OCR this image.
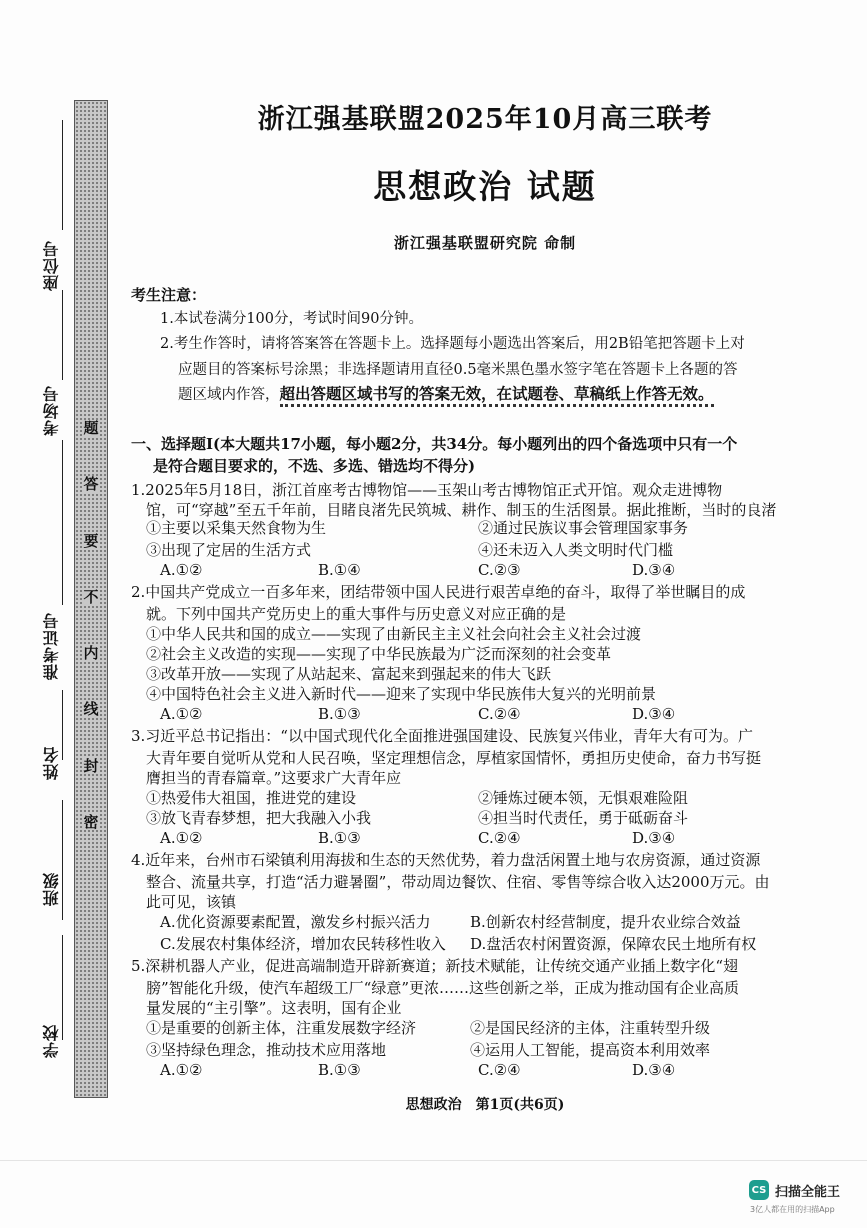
题
答
要
不
内
线
封
密
座位号
考场号
准考证号
姓名
班级
学校
浙江强基联盟2025年10月高三联考
思想政治 试题
浙江强基联盟研究院 命制
考生注意：
1.本试卷满分100分，考试时间90分钟。
2.考生作答时，请将答案答在答题卡上。选择题每小题选出答案后，用2B铅笔把答题卡上对
应题目的答案标号涂黑；非选择题请用直径0.5毫米黑色墨水签字笔在答题卡上各题的答
题区域内作答，超出答题区域书写的答案无效，在试题卷、草稿纸上作答无效。
一、选择题Ⅰ(本大题共17小题，每小题2分，共34分。每小题列出的四个备选项中只有一个
是符合题目要求的，不选、多选、错选均不得分)
1.2025年5月18日，浙江首座考古博物馆——玉架山考古博物馆正式开馆。观众走进博物
馆，可“穿越”至五千年前，目睹良渚先民筑城、耕作、制玉的生活图景。据此推断，当时的良渚
①主要以采集天然食物为生	②通过民族议事会管理国家事务
③出现了定居的生活方式	④还未迈入人类文明时代门槛
A.①②	B.①④	C.②③	D.③④
2.中国共产党成立一百多年来，团结带领中国人民进行艰苦卓绝的奋斗，取得了举世瞩目的成
就。下列中国共产党历史上的重大事件与历史意义对应正确的是
①中华人民共和国的成立——实现了由新民主主义社会向社会主义社会过渡
②社会主义改造的实现——实现了中华民族最为广泛而深刻的社会变革
③改革开放——实现了从站起来、富起来到强起来的伟大飞跃
④中国特色社会主义进入新时代——迎来了实现中华民族伟大复兴的光明前景
A.①②	B.①③	C.②④	D.③④
3.习近平总书记指出：“以中国式现代化全面推进强国建设、民族复兴伟业，青年大有可为。广
大青年要自觉听从党和人民召唤，坚定理想信念，厚植家国情怀，勇担历史使命，奋力书写挺
膺担当的青春篇章。”这要求广大青年应
①热爱伟大祖国，推进党的建设	②锤炼过硬本领，无惧艰难险阻
③放飞青春梦想，把大我融入小我	④担当时代责任，勇于砥砺奋斗
A.①②	B.①③	C.②④	D.③④
4.近年来，台州市石梁镇利用海拔和生态的天然优势，着力盘活闲置土地与农房资源，通过资源
整合、流量共享，打造“活力避暑圈”，带动周边餐饮、住宿、零售等综合收入达2000万元。由
此可见，该镇
A.优化资源要素配置，激发乡村振兴活力	B.创新农村经营制度，提升农业综合效益
C.发展农村集体经济，增加农民转移性收入 D.盘活农村闲置资源，保障农民土地所有权
5.深耕机器人产业，促进高端制造开辟新赛道；新技术赋能，让传统交通产业插上数字化“翅
膀”智能化升级，使汽车超级工厂“绿意”更浓……这些创新之举，正成为推动国有企业高质
量发展的“主引擎”。这表明，国有企业
①是重要的创新主体，注重发展数字经济	②是国民经济的主体，注重转型升级
③坚持绿色理念，推动技术应用落地	④运用人工智能，提高资本利用效率
A.①②	B.①③	C.②④	D.③④
思想政治　第1页(共6页)
CS 扫描全能王
3亿人都在用的扫描App
